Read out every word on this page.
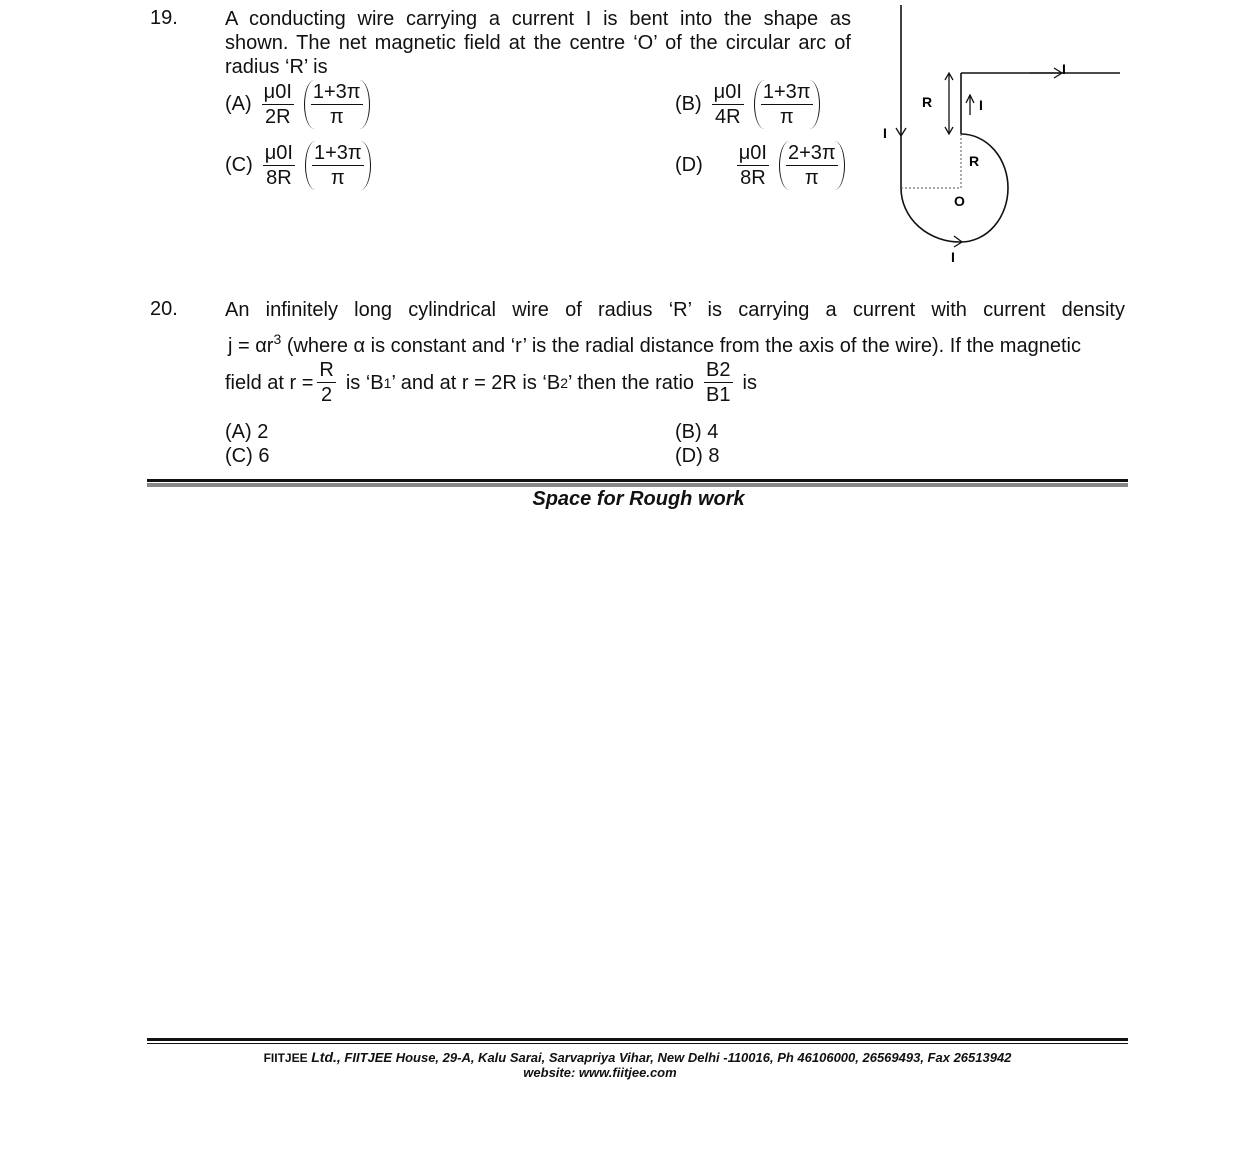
19. A conducting wire carrying a current I is bent into the shape as
shown. The net magnetic field at the centre ‘O’ of the circular arc of
radius ‘R’ is
$(A) \frac{\mu 0I}{2R} \frac{1+3\pi}{\pi}$	$(B) \frac{\mu 0I}{4R} \frac{1+3\pi}{\pi}$
$(C) \frac{\mu 0I}{8R} \frac{1+3\pi}{\pi}$	$(D) \frac{\mu 0I}{8R} \frac{2+3\pi}{\pi}$
R
I
I
I
R
O
I
20. An infinitely long cylindrical wire of radius ‘R’ is carrying a current with current density
$j = \alpha r^3$ (where α is constant and ‘r’ is the radial distance from the axis of the wire). If the magnetic
field at $r = \frac{R}{2}$ is ‘B 1 ’ and at r = 2R is ‘B 2 ’ then the ratio $\frac{B2}{B1}$ is
(A) 2	(B) 4
(C) 6	(D) 8
Space for Rough work
FIITJEE Ltd., FIITJEE House, 29-A, Kalu Sarai, Sarvapriya Vihar, New Delhi -110016, Ph 46106000, 26569493, Fax 26513942
website: www.fiitjee.com
